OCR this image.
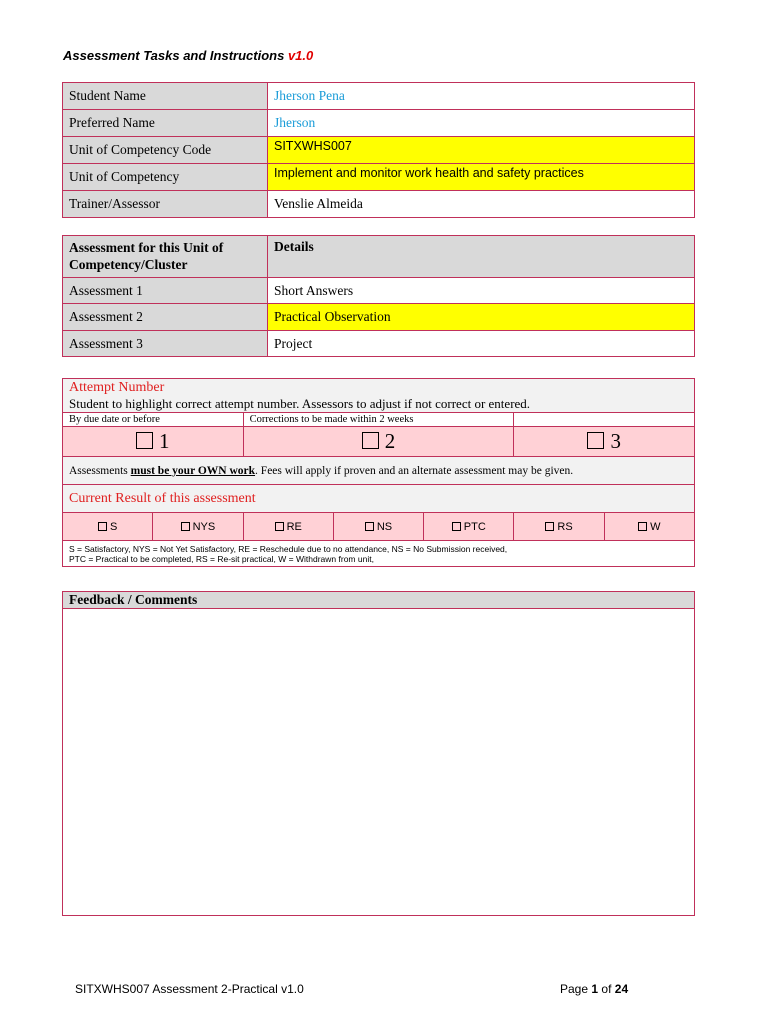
Assessment Tasks and Instructions v1.0
Student Name	Jherson Pena
Preferred Name	Jherson
Unit of Competency Code	SITXWHS007
Unit of Competency	Implement and monitor work health and safety practices
Trainer/Assessor	Venslie Almeida
Assessment for this Unit of Competency/Cluster	Details
Assessment 1	Short Answers
Assessment 2	Practical Observation
Assessment 3	Project
Attempt Number
Student to highlight correct attempt number. Assessors to adjust if not correct or entered.						

By due date or before		Corrections to be made within 2 weeks				
1		2			3	
Assessments must be your OWN work. Fees will apply if proven and an alternate assessment may be given.						
Current Result of this assessment						
S	NYS	RE	NS	PTC	RS	W

S = Satisfactory, NYS = Not Yet Satisfactory, RE = Reschedule due to no attendance, NS = No Submission received,
PTC = Practical to be completed, RS = Re-sit practical, W = Withdrawn from unit,						
Feedback / Comments

SITXWHS007 Assessment 2-Practical v1.0	Page 1 of 24
